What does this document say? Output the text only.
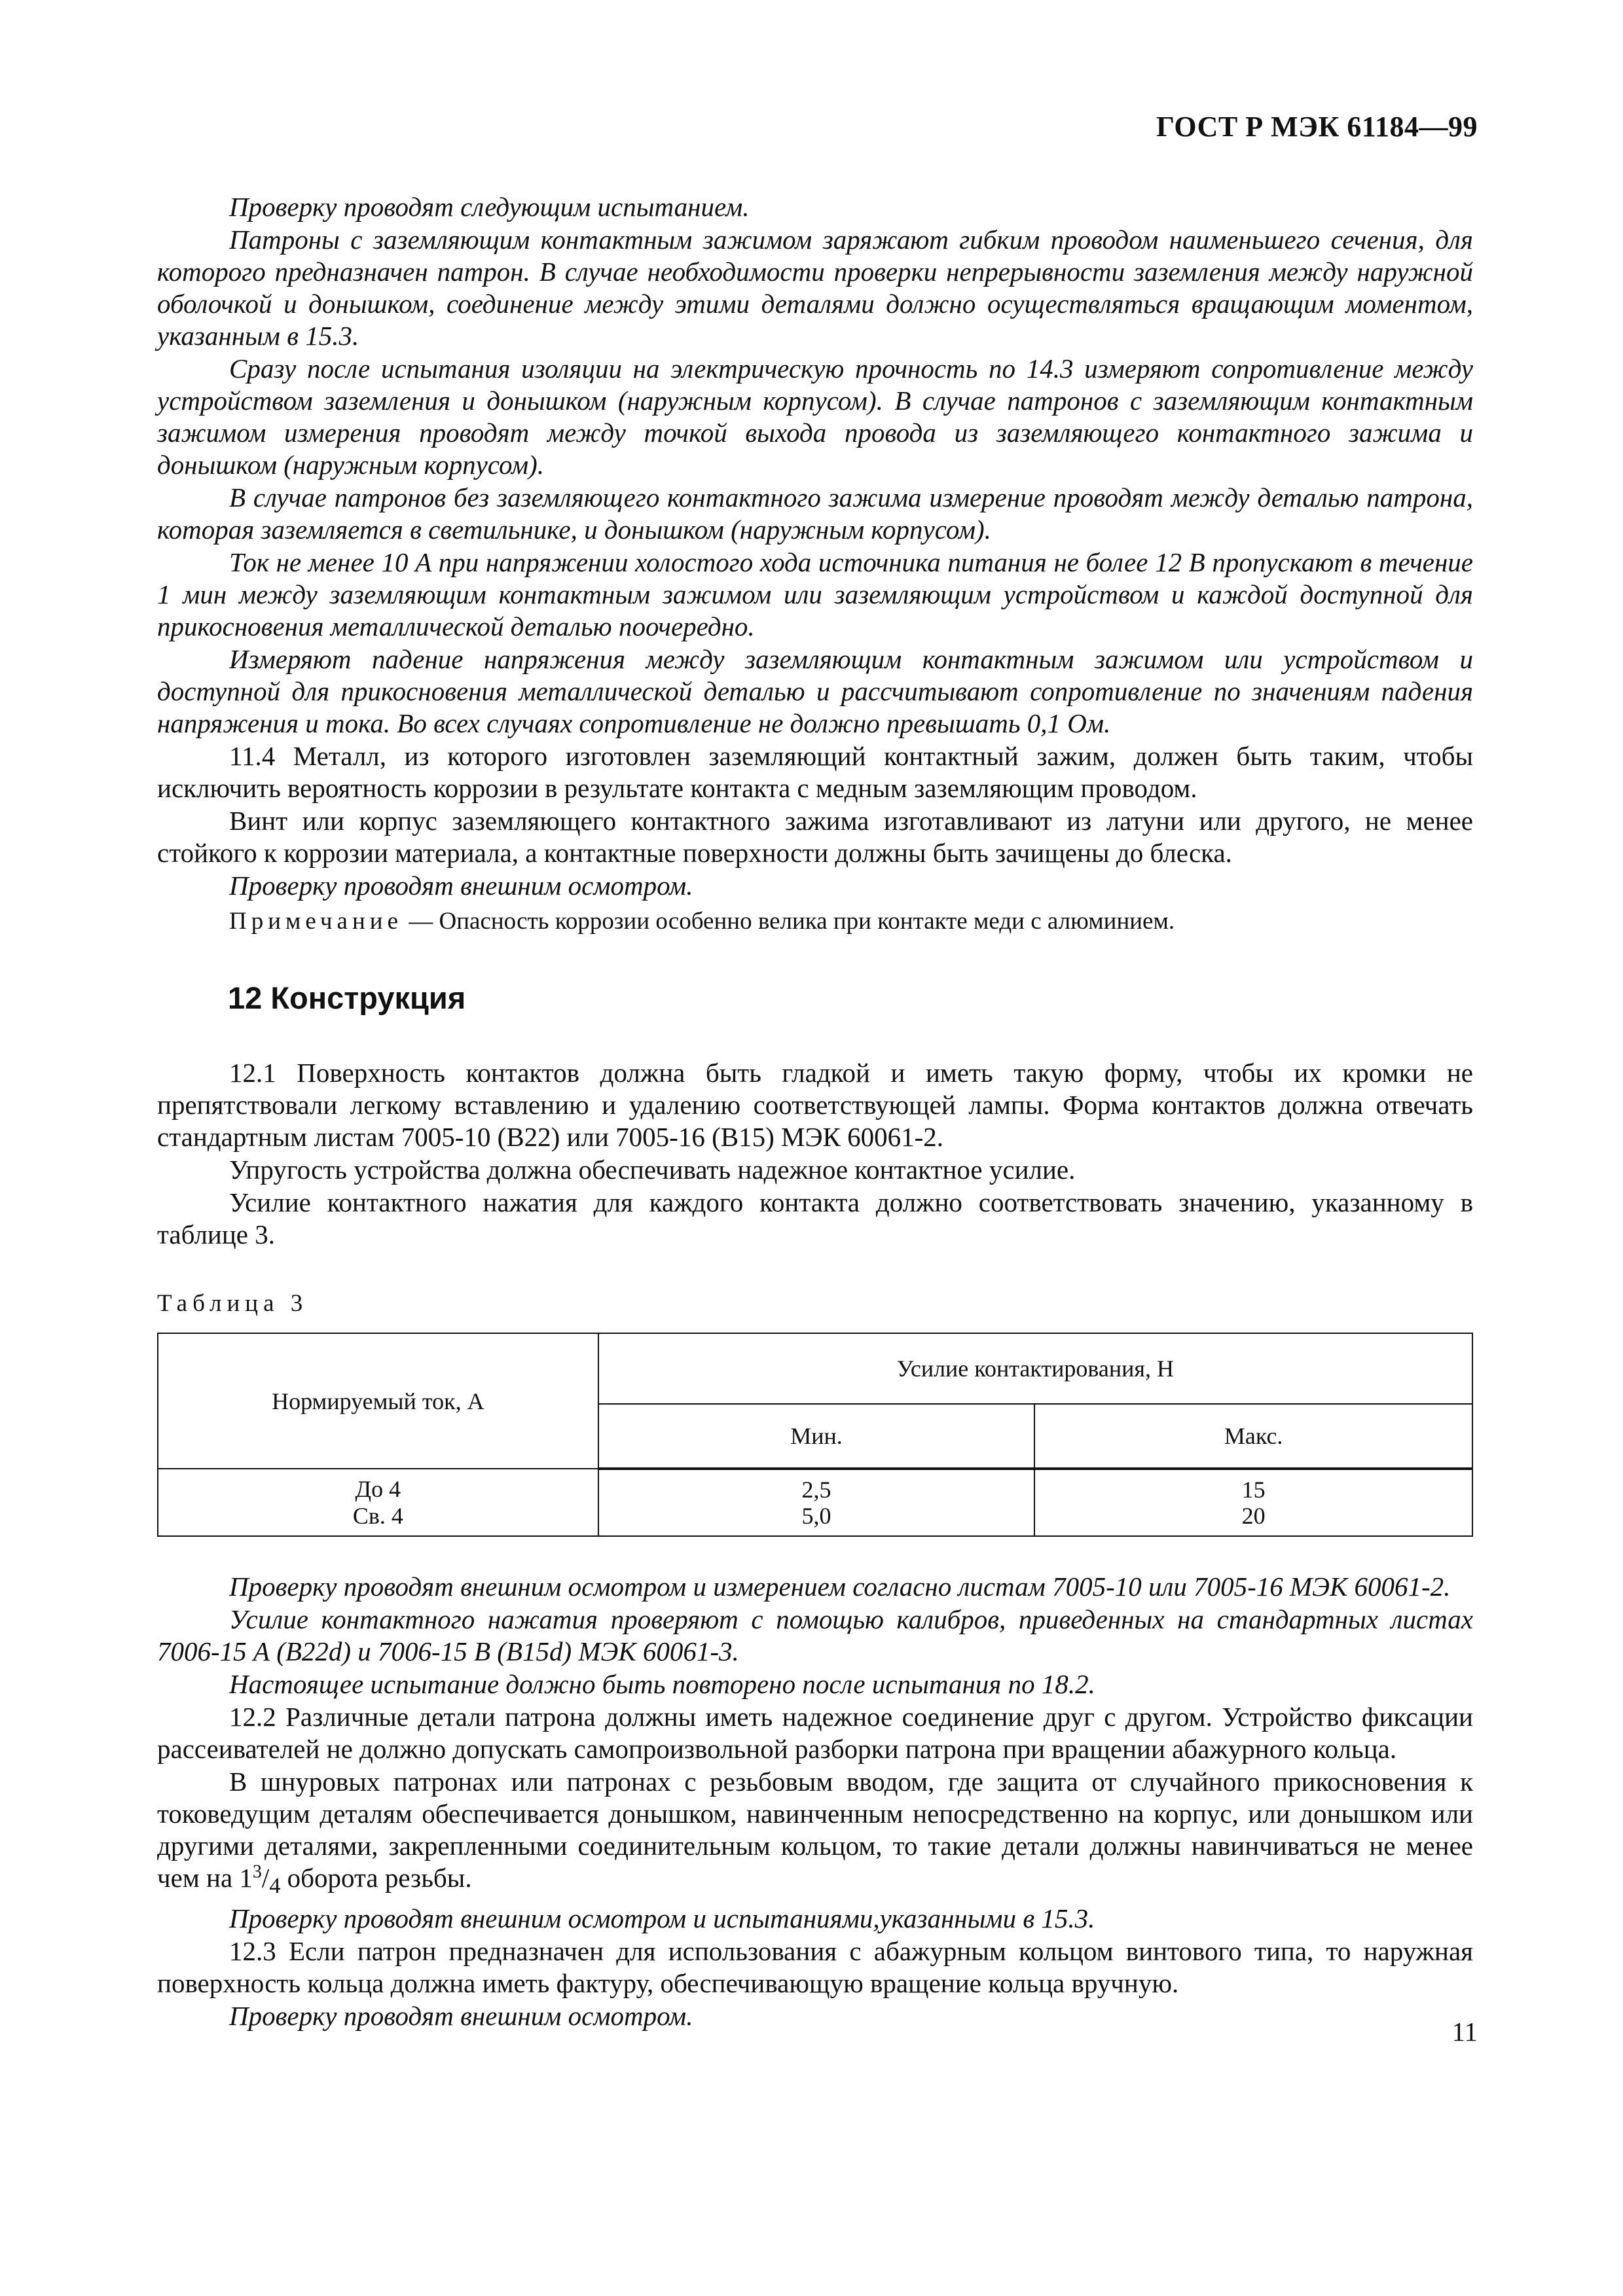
ГОСТ Р МЭК 61184—99

Проверку проводят следующим испытанием.

Патроны с заземляющим контактным зажимом заряжают гибким проводом наименьшего сечения, для которого предназначен патрон. В случае необходимости проверки непрерывности заземления между наружной оболочкой и донышком, соединение между этими деталями должно осуществляться вращающим моментом, указанным в 15.3.

Сразу после испытания изоляции на электрическую прочность по 14.3 измеряют сопротивление между устройством заземления и донышком (наружным корпусом). В случае патронов с заземляющим контактным зажимом измерения проводят между точкой выхода провода из заземляющего контактного зажима и донышком (наружным корпусом).

В случае патронов без заземляющего контактного зажима измерение проводят между деталью патрона, которая заземляется в светильнике, и донышком (наружным корпусом).

Ток не менее 10 А при напряжении холостого хода источника питания не более 12 В пропускают в течение 1 мин между заземляющим контактным зажимом или заземляющим устройством и каждой доступной для прикосновения металлической деталью поочередно.

Измеряют падение напряжения между заземляющим контактным зажимом или устройством и доступной для прикосновения металлической деталью и рассчитывают сопротивление по значениям падения напряжения и тока. Во всех случаях сопротивление не должно превышать 0,1 Ом.

11.4 Металл, из которого изготовлен заземляющий контактный зажим, должен быть таким, чтобы исключить вероятность коррозии в результате контакта с медным заземляющим проводом.

Винт или корпус заземляющего контактного зажима изготавливают из латуни или другого, не менее стойкого к коррозии материала, а контактные поверхности должны быть зачищены до блеска.

Проверку проводят внешним осмотром.

Примечание — Опасность коррозии особенно велика при контакте меди с алюминием.

12 Конструкция

12.1 Поверхность контактов должна быть гладкой и иметь такую форму, чтобы их кромки не препятствовали легкому вставлению и удалению соответствующей лампы. Форма контактов должна отвечать стандартным листам 7005-10 (В22) или 7005-16 (В15) МЭК 60061-2.

Упругость устройства должна обеспечивать надежное контактное усилие.

Усилие контактного нажатия для каждого контакта должно соответствовать значению, указанному в таблице 3.

Таблица 3
Нормируемый ток, А	Усилие контактирования, Н	
	Мин.	Макс.
До 4	2,5	15
Св. 4	5,0	20

Проверку проводят внешним осмотром и измерением согласно листам 7005-10 или 7005-16 МЭК 60061-2.

Усилие контактного нажатия проверяют с помощью калибров, приведенных на стандартных листах 7006-15 А (B22d) и 7006-15 В (B15d) МЭК 60061-3.

Настоящее испытание должно быть повторено после испытания по 18.2.

12.2 Различные детали патрона должны иметь надежное соединение друг с другом. Устройство фиксации рассеивателей не должно допускать самопроизвольной разборки патрона при вращении абажурного кольца.

В шнуровых патронах или патронах с резьбовым вводом, где защита от случайного прикосновения к токоведущим деталям обеспечивается донышком, навинченным непосредственно на корпус, или донышком или другими деталями, закрепленными соединительным кольцом, то такие детали должны навинчиваться не менее чем на $1^3/_4$ оборота резьбы.

Проверку проводят внешним осмотром и испытаниями,указанными в 15.3.

12.3 Если патрон предназначен для использования с абажурным кольцом винтового типа, то наружная поверхность кольца должна иметь фактуру, обеспечивающую вращение кольца вручную.

Проверку проводят внешним осмотром.

11
